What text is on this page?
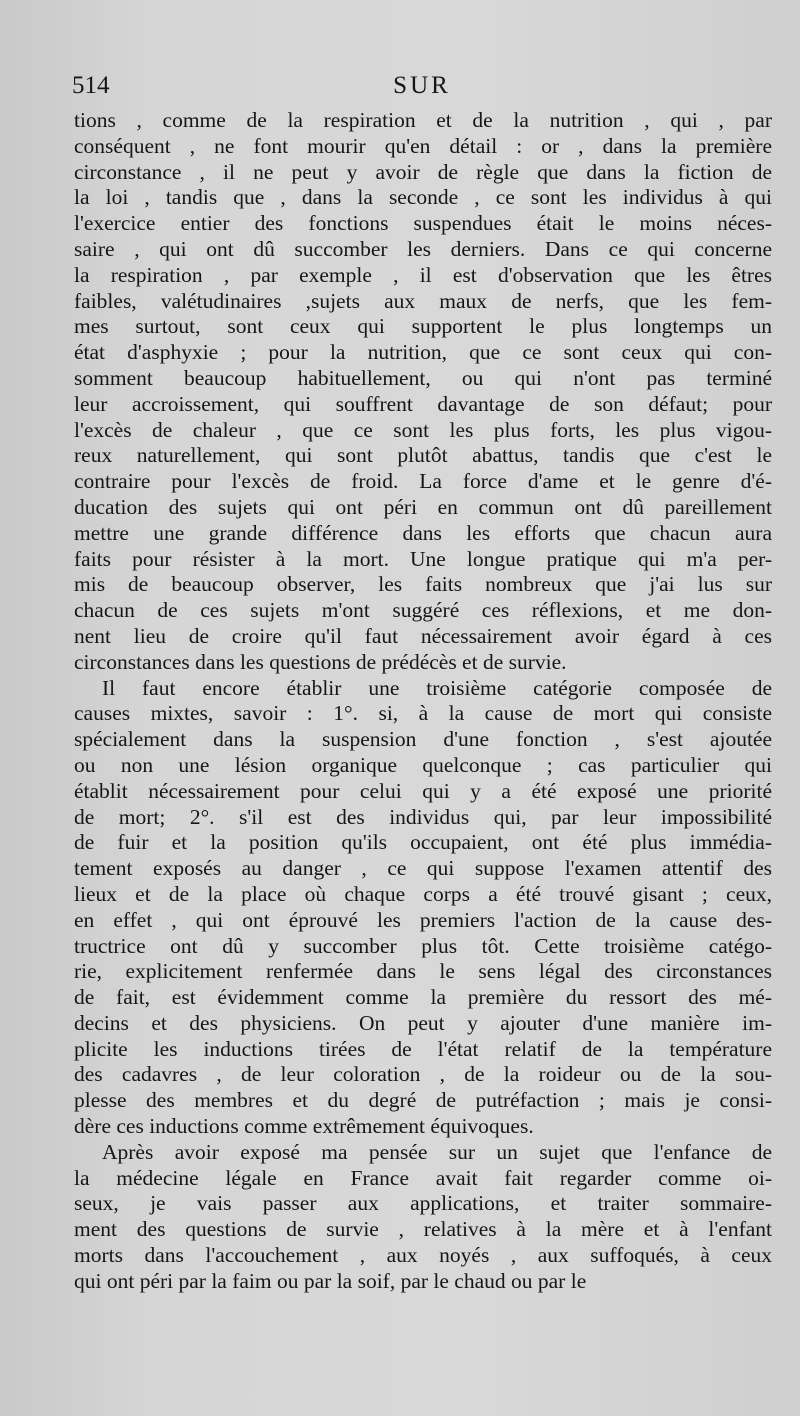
514	SUR
tions , comme de la respiration et de la nutrition , qui , par
conséquent , ne font mourir qu'en détail : or , dans la première
circonstance , il ne peut y avoir de règle que dans la fiction de
la loi , tandis que , dans la seconde , ce sont les individus à qui
l'exercice entier des fonctions suspendues était le moins néces-
saire , qui ont dû succomber les derniers. Dans ce qui concerne
la respiration , par exemple , il est d'observation que les êtres
faibles, valétudinaires ,sujets aux maux de nerfs, que les fem-
mes surtout, sont ceux qui supportent le plus longtemps un
état d'asphyxie ; pour la nutrition, que ce sont ceux qui con-
somment beaucoup habituellement, ou qui n'ont pas terminé
leur accroissement, qui souffrent davantage de son défaut; pour
l'excès de chaleur , que ce sont les plus forts, les plus vigou-
reux naturellement, qui sont plutôt abattus, tandis que c'est le
contraire pour l'excès de froid. La force d'ame et le genre d'é-
ducation des sujets qui ont péri en commun ont dû pareillement
mettre une grande différence dans les efforts que chacun aura
faits pour résister à la mort. Une longue pratique qui m'a per-
mis de beaucoup observer, les faits nombreux que j'ai lus sur
chacun de ces sujets m'ont suggéré ces réflexions, et me don-
nent lieu de croire qu'il faut nécessairement avoir égard à ces
circonstances dans les questions de prédécès et de survie.
Il faut encore établir une troisième catégorie composée de
causes mixtes, savoir : 1°. si, à la cause de mort qui consiste
spécialement dans la suspension d'une fonction , s'est ajoutée
ou non une lésion organique quelconque ; cas particulier qui
établit nécessairement pour celui qui y a été exposé une priorité
de mort; 2°. s'il est des individus qui, par leur impossibilité
de fuir et la position qu'ils occupaient, ont été plus immédia-
tement exposés au danger , ce qui suppose l'examen attentif des
lieux et de la place où chaque corps a été trouvé gisant ; ceux,
en effet , qui ont éprouvé les premiers l'action de la cause des-
tructrice ont dû y succomber plus tôt. Cette troisième catégo-
rie, explicitement renfermée dans le sens légal des circonstances
de fait, est évidemment comme la première du ressort des mé-
decins et des physiciens. On peut y ajouter d'une manière im-
plicite les inductions tirées de l'état relatif de la température
des cadavres , de leur coloration , de la roideur ou de la sou-
plesse des membres et du degré de putréfaction ; mais je consi-
dère ces inductions comme extrêmement équivoques.
Après avoir exposé ma pensée sur un sujet que l'enfance de
la médecine légale en France avait fait regarder comme oi-
seux, je vais passer aux applications, et traiter sommaire-
ment des questions de survie , relatives à la mère et à l'enfant
morts dans l'accouchement , aux noyés , aux suffoqués, à ceux
qui ont péri par la faim ou par la soif, par le chaud ou par le
